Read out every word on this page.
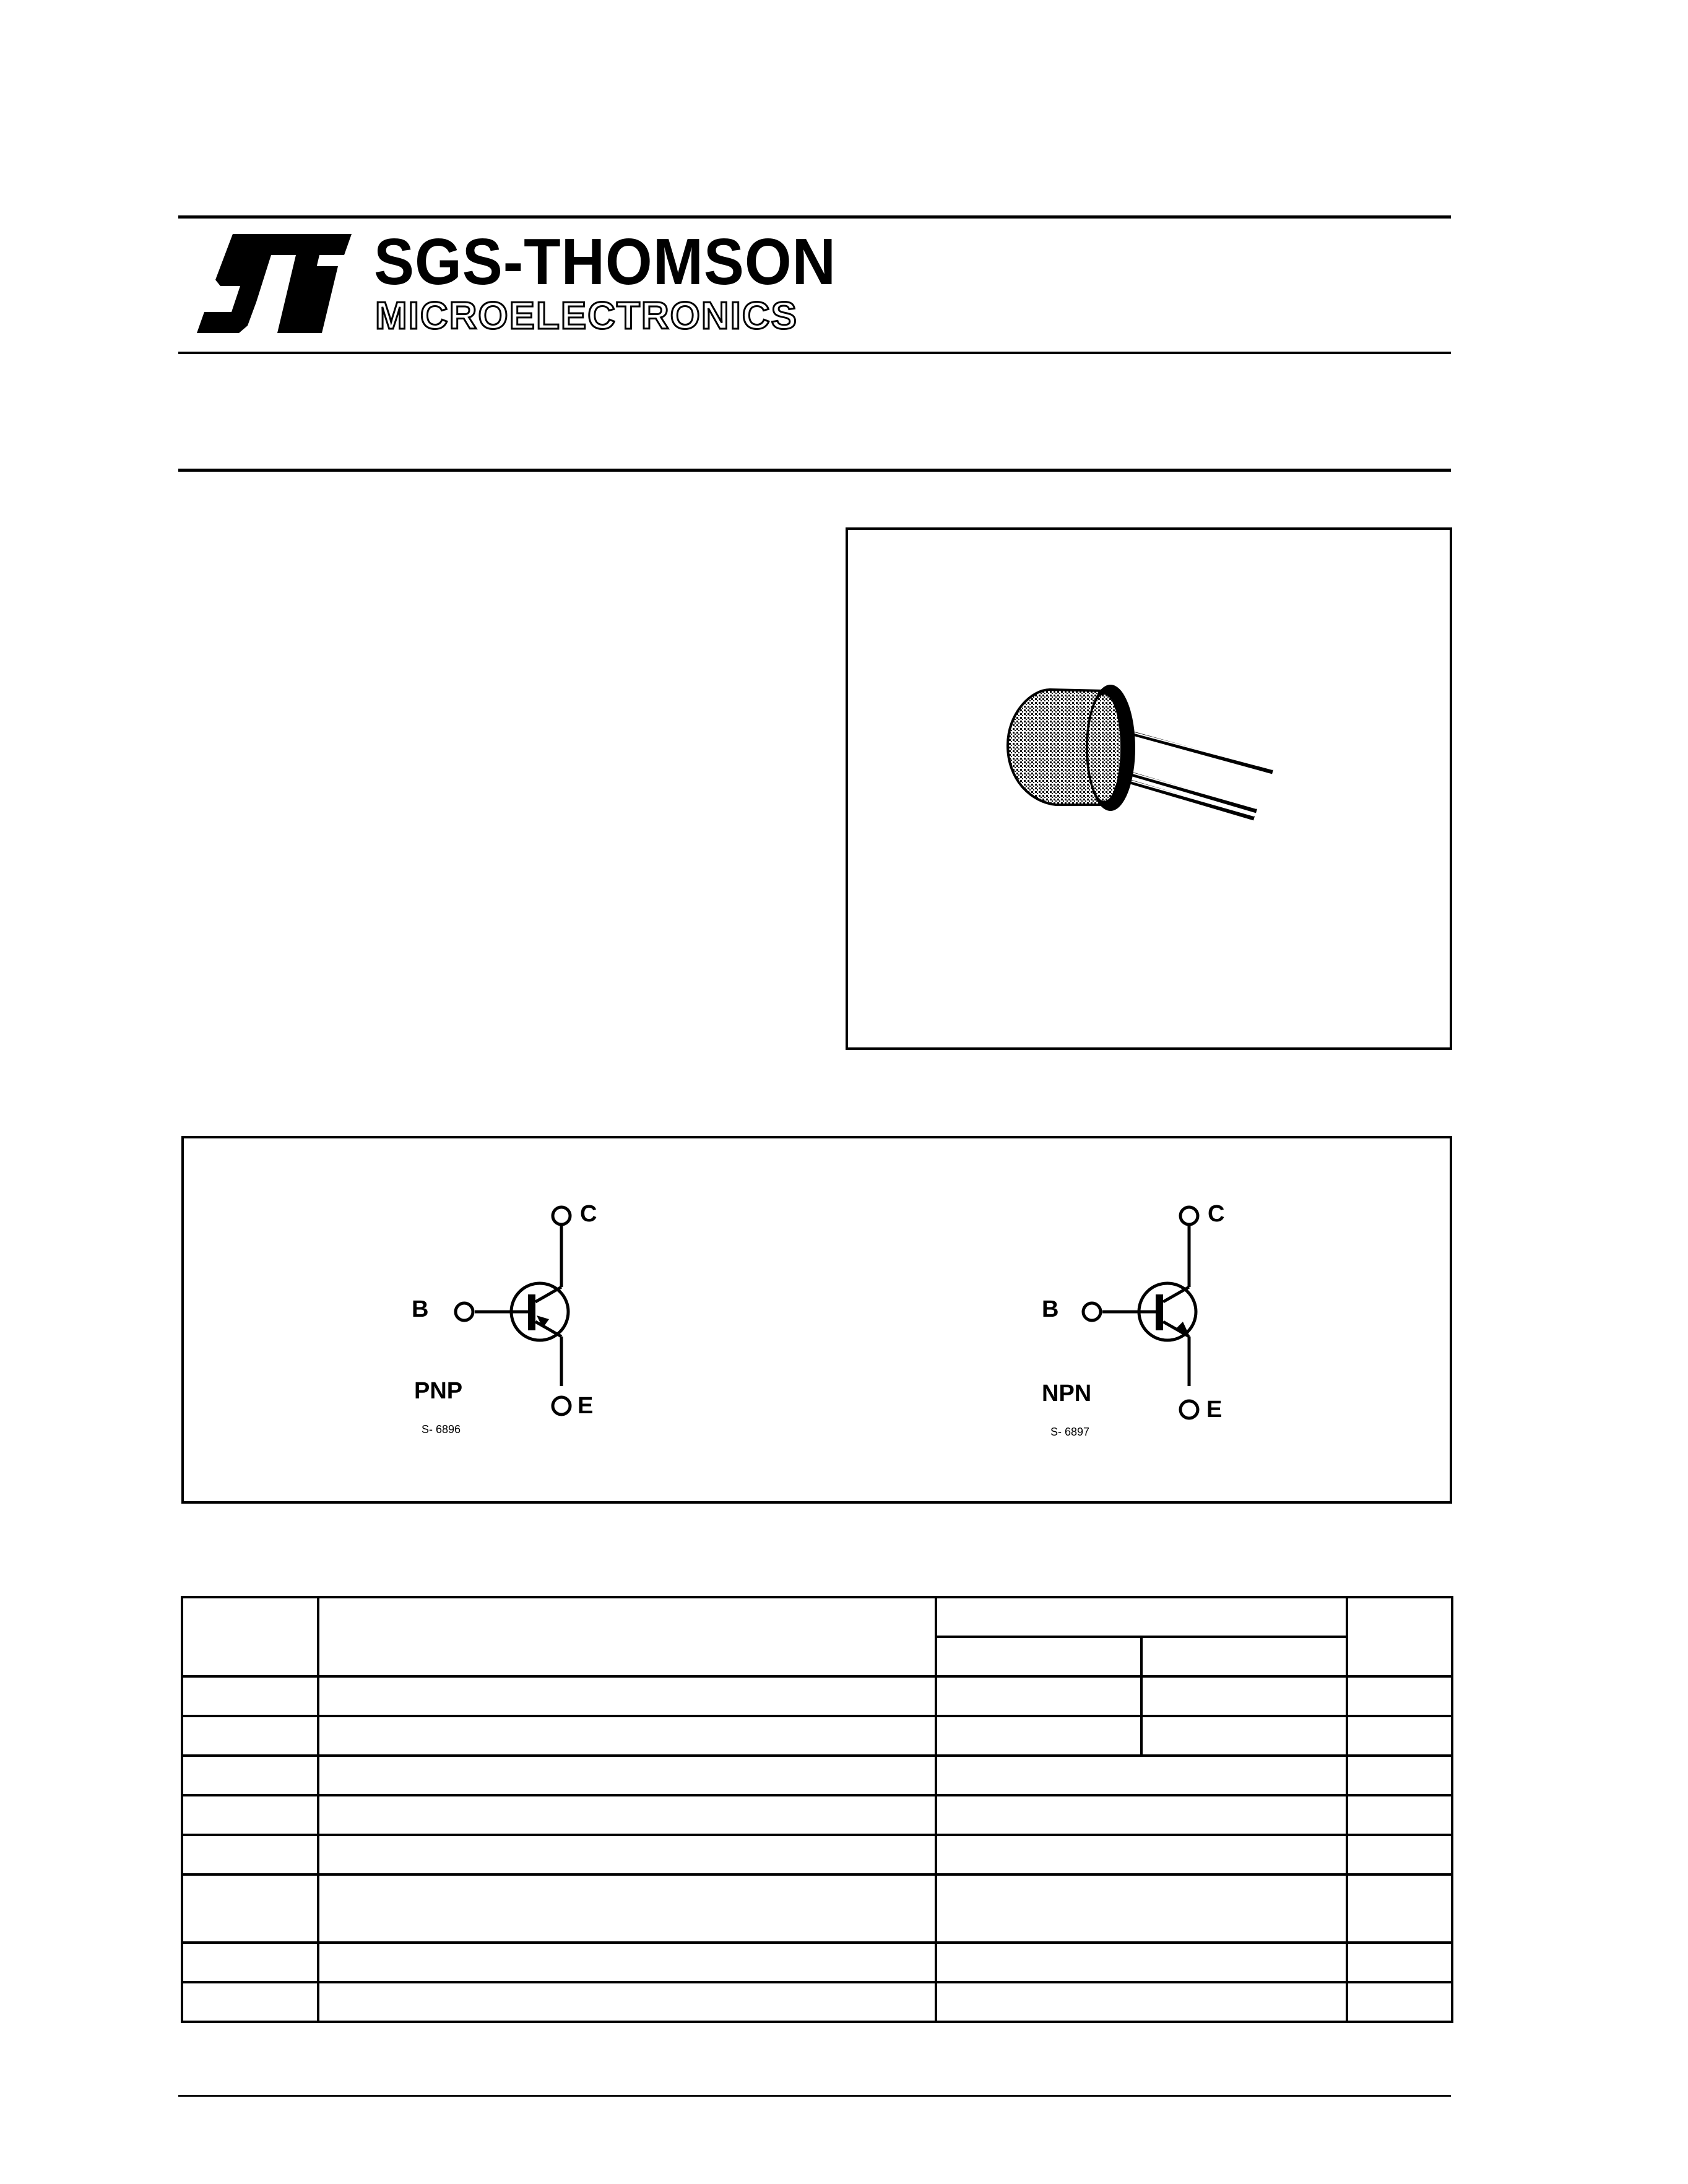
SGS-THOMSON
MICROELECTRONICS
C
B
E
PNP
S- 6896
C
B
E
NPN
S- 6897
